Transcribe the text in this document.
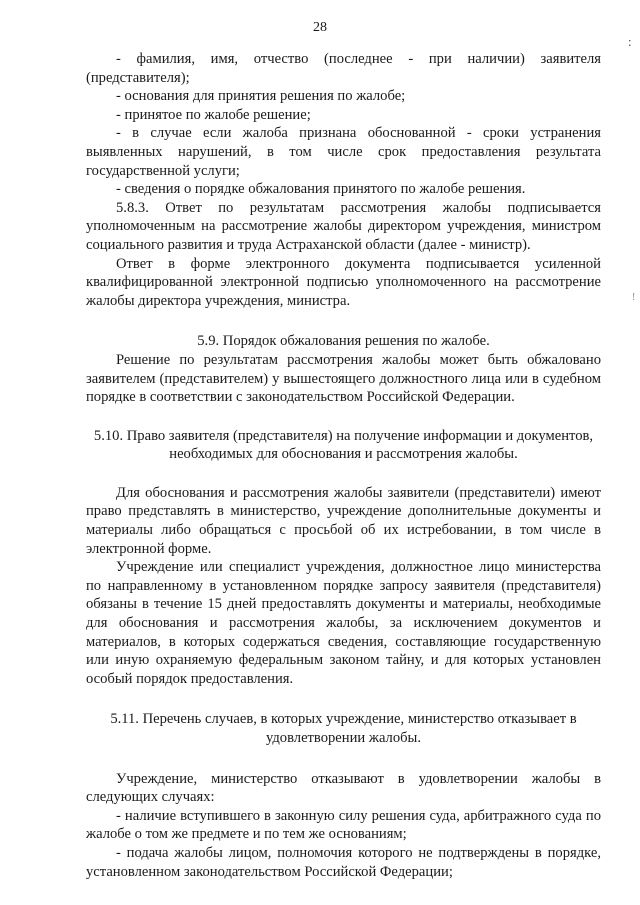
28
:
!

- фамилия, имя, отчество (последнее - при наличии) заявителя (представителя);

- основания для принятия решения по жалобе;

- принятое по жалобе решение;

- в случае если жалоба признана обоснованной - сроки устранения выявленных нарушений, в том числе срок предоставления результата государственной услуги;

- сведения о порядке обжалования принятого по жалобе решения.

5.8.3. Ответ по результатам рассмотрения жалобы подписывается уполномоченным на рассмотрение жалобы директором учреждения, министром социального развития и труда Астраханской области (далее - министр).

Ответ в форме электронного документа подписывается усиленной квалифицированной электронной подписью уполномоченного на рассмотрение жалобы директора учреждения, министра.

5.9. Порядок обжалования решения по жалобе.

Решение по результатам рассмотрения жалобы может быть обжаловано заявителем (представителем) у вышестоящего должностного лица или в судебном порядке в соответствии с законодательством Российской Федерации.

5.10. Право заявителя (представителя) на получение информации и документов, необходимых для обоснования и рассмотрения жалобы.

Для обоснования и рассмотрения жалобы заявители (представители) имеют право представлять в министерство, учреждение дополнительные документы и материалы либо обращаться с просьбой об их истребовании, в том числе в электронной форме.

Учреждение или специалист учреждения, должностное лицо министерства по направленному в установленном порядке запросу заявителя (представителя) обязаны в течение 15 дней предоставлять документы и материалы, необходимые для обоснования и рассмотрения жалобы, за исключением документов и материалов, в которых содержаться сведения, составляющие государственную или иную охраняемую федеральным законом тайну, и для которых установлен особый порядок предоставления.

5.11. Перечень случаев, в которых учреждение, министерство отказывает в удовлетворении жалобы.

Учреждение, министерство отказывают в удовлетворении жалобы в следующих случаях:

- наличие вступившего в законную силу решения суда, арбитражного суда по жалобе о том же предмете и по тем же основаниям;

- подача жалобы лицом, полномочия которого не подтверждены в порядке, установленном законодательством Российской Федерации;
